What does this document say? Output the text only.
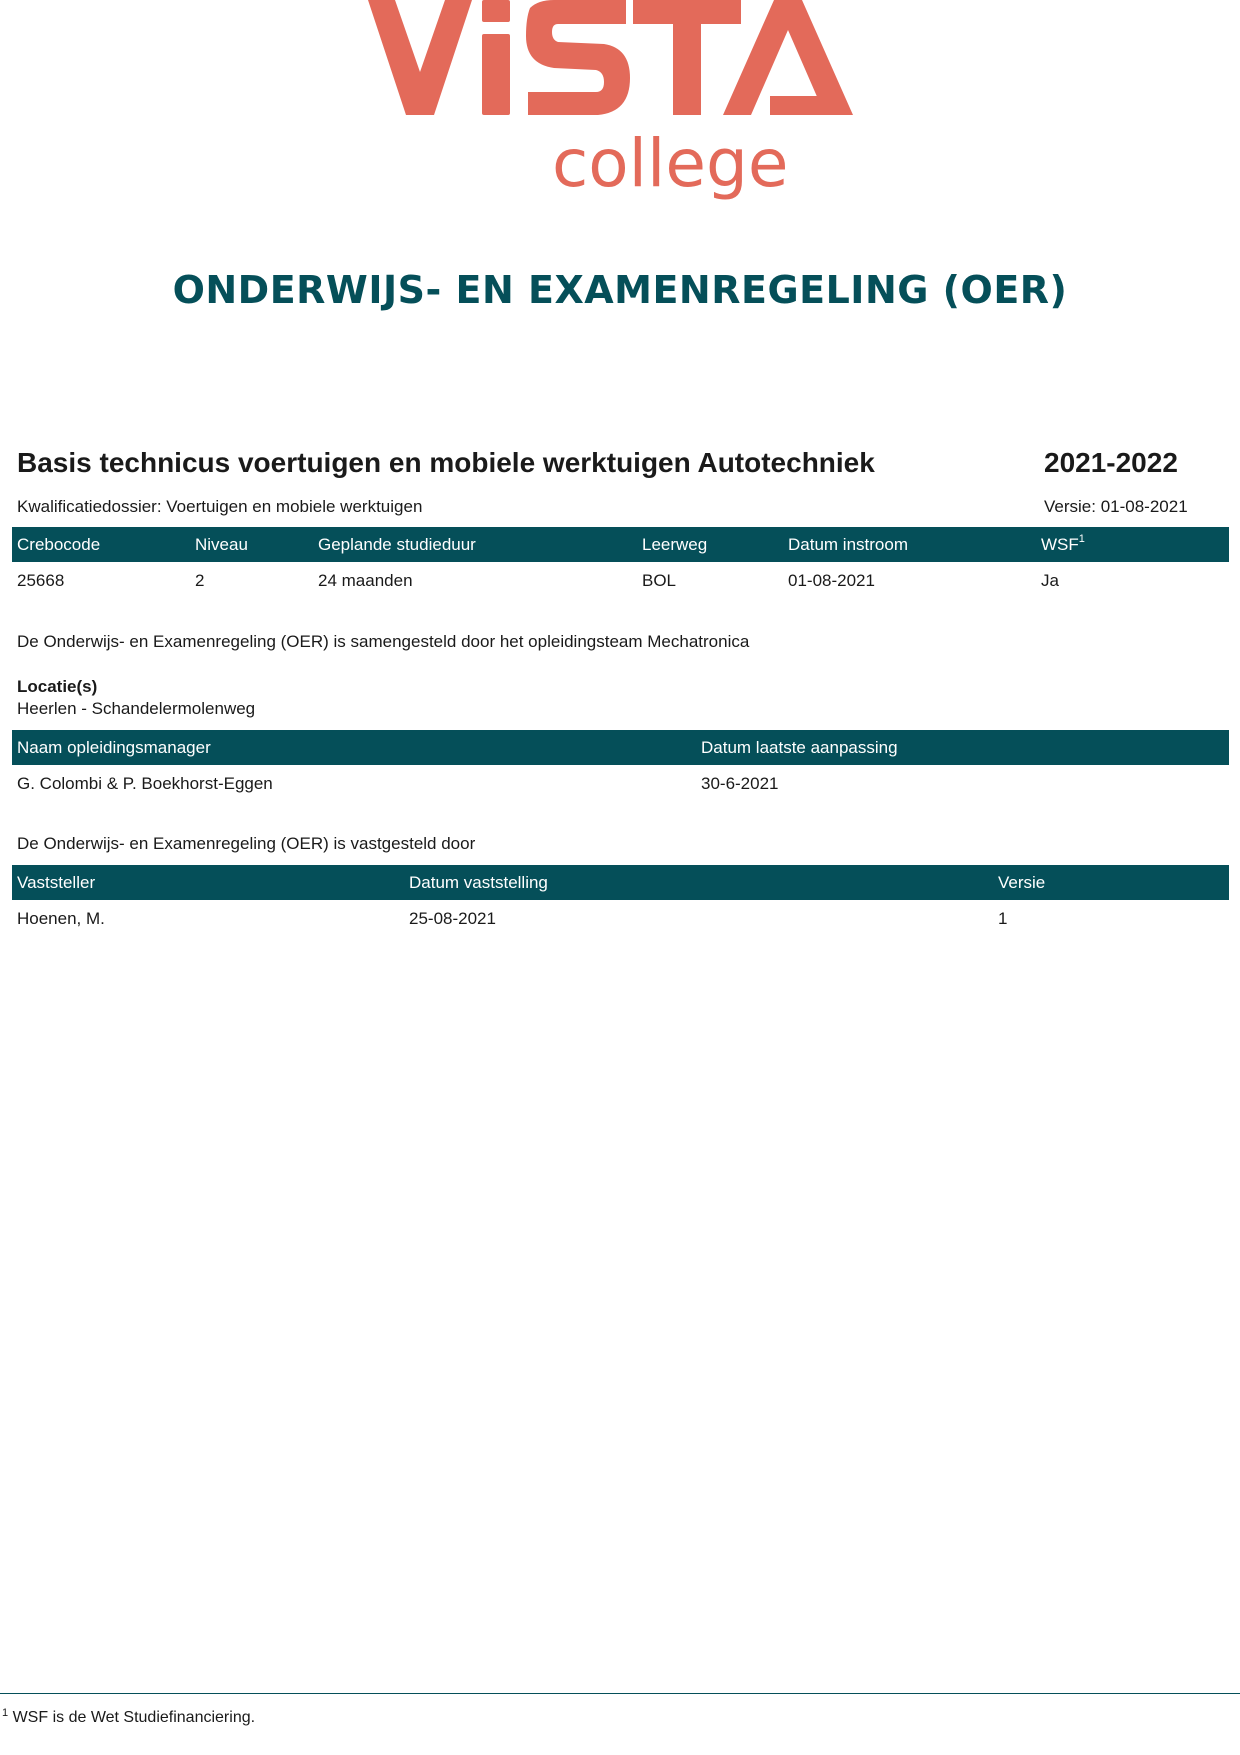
college
ONDERWIJS- EN EXAMENREGELING (OER)
Basis technicus voertuigen en mobiele werktuigen Autotechniek	2021-2022
Kwalificatiedossier: Voertuigen en mobiele werktuigen	Versie: 01-08-2021
Crebocode	Niveau	Geplande studieduur	Leerweg	Datum instroom	WSF$^1$
25668	2	24 maanden	BOL	01-08-2021	Ja
De Onderwijs- en Examenregeling (OER) is samengesteld door het opleidingsteam Mechatronica
Locatie(s)
Heerlen - Schandelermolenweg
Naam opleidingsmanager	Datum laatste aanpassing
G. Colombi & P. Boekhorst-Eggen	30-6-2021
De Onderwijs- en Examenregeling (OER) is vastgesteld door
Vaststeller	Datum vaststelling	Versie
Hoenen, M.	25-08-2021	1
$^1$ WSF is de Wet Studiefinanciering.
